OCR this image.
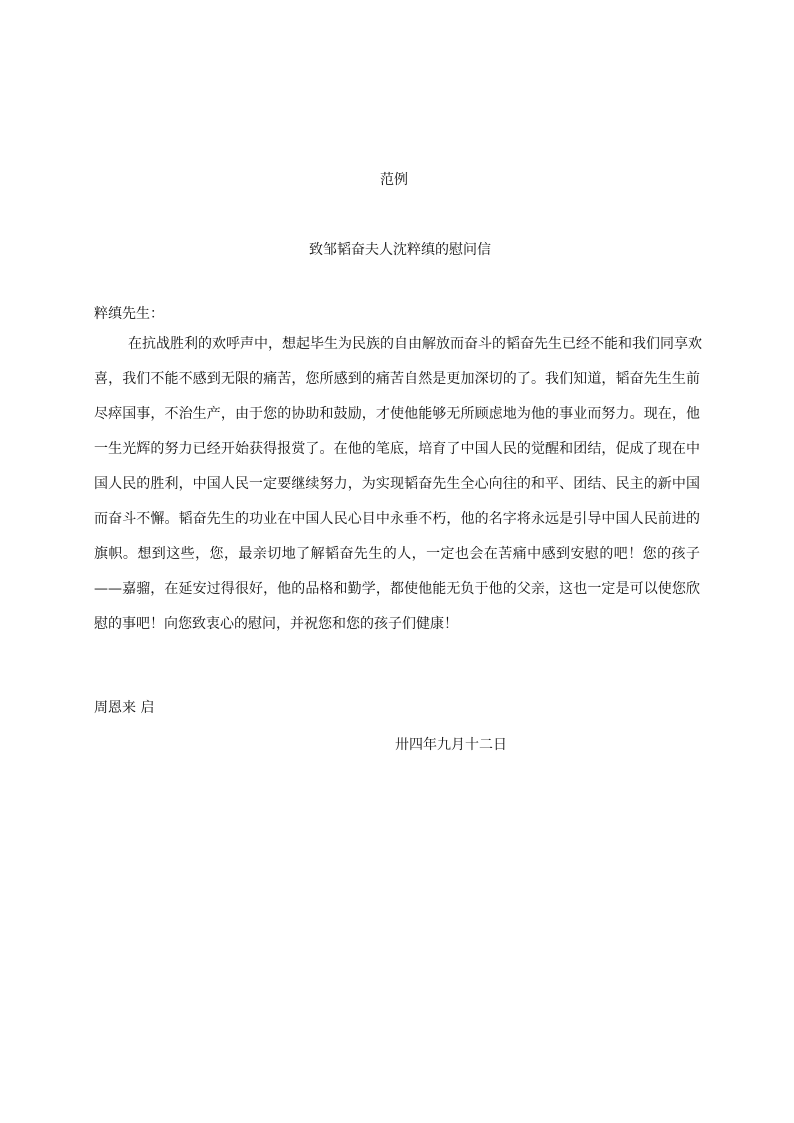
范例
致邹韬奋夫人沈粹缜的慰问信
粹缜先生：
在抗战胜利的欢呼声中，想起毕生为民族的自由解放而奋斗的韬奋先生已经不能和我们同享欢
喜，我们不能不感到无限的痛苦，您所感到的痛苦自然是更加深切的了。我们知道，韬奋先生生前
尽瘁国事，不治生产，由于您的协助和鼓励，才使他能够无所顾虑地为他的事业而努力。现在，他
一生光辉的努力已经开始获得报赏了。在他的笔底，培育了中国人民的觉醒和团结，促成了现在中
国人民的胜利，中国人民一定要继续努力，为实现韬奋先生全心向往的和平、团结、民主的新中国
而奋斗不懈。韬奋先生的功业在中国人民心目中永垂不朽，他的名字将永远是引导中国人民前进的
旗帜。想到这些，您，最亲切地了解韬奋先生的人，一定也会在苦痛中感到安慰的吧！您的孩子
——嘉骝，在延安过得很好，他的品格和勤学，都使他能无负于他的父亲，这也一定是可以使您欣
慰的事吧！向您致衷心的慰问，并祝您和您的孩子们健康！
周恩来 启
卅四年九月十二日
